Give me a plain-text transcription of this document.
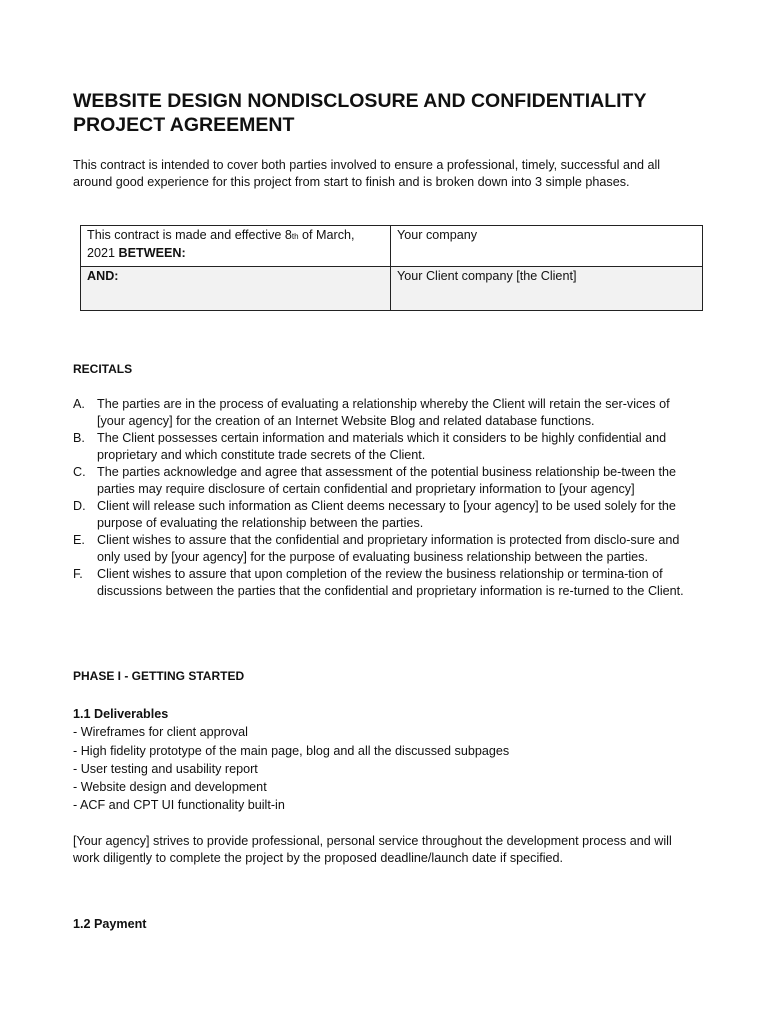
WEBSITE DESIGN NONDISCLOSURE AND CONFIDENTIALITY PROJECT AGREEMENT

This contract is intended to cover both parties involved to ensure a professional, timely, successful and all around good experience for this project from start to finish and is broken down into 3 simple phases.

This contract is made and effective 8th of March, 2021 BETWEEN:	Your company
AND:	Your Client company [the Client]
RECITALS
A. The parties are in the process of evaluating a relationship whereby the Client will retain the ser-vices of [your agency] for the creation of an Internet Website Blog and related database functions.
B. The Client possesses certain information and materials which it considers to be highly confidential and proprietary and which constitute trade secrets of the Client.
C. The parties acknowledge and agree that assessment of the potential business relationship be-tween the parties may require disclosure of certain confidential and proprietary information to [your agency]
D. Client will release such information as Client deems necessary to [your agency] to be used solely for the purpose of evaluating the relationship between the parties.
E. Client wishes to assure that the confidential and proprietary information is protected from disclo-sure and only used by [your agency] for the purpose of evaluating business relationship between the parties.
F. Client wishes to assure that upon completion of the review the business relationship or termina-tion of discussions between the parties that the confidential and proprietary information is re-turned to the Client.
PHASE I - GETTING STARTED
1.1 Deliverables
- Wireframes for client approval
- High fidelity prototype of the main page, blog and all the discussed subpages
- User testing and usability report
- Website design and development
- ACF and CPT UI functionality built-in

[Your agency] strives to provide professional, personal service throughout the development process and will work diligently to complete the project by the proposed deadline/launch date if specified.

1.2 Payment
